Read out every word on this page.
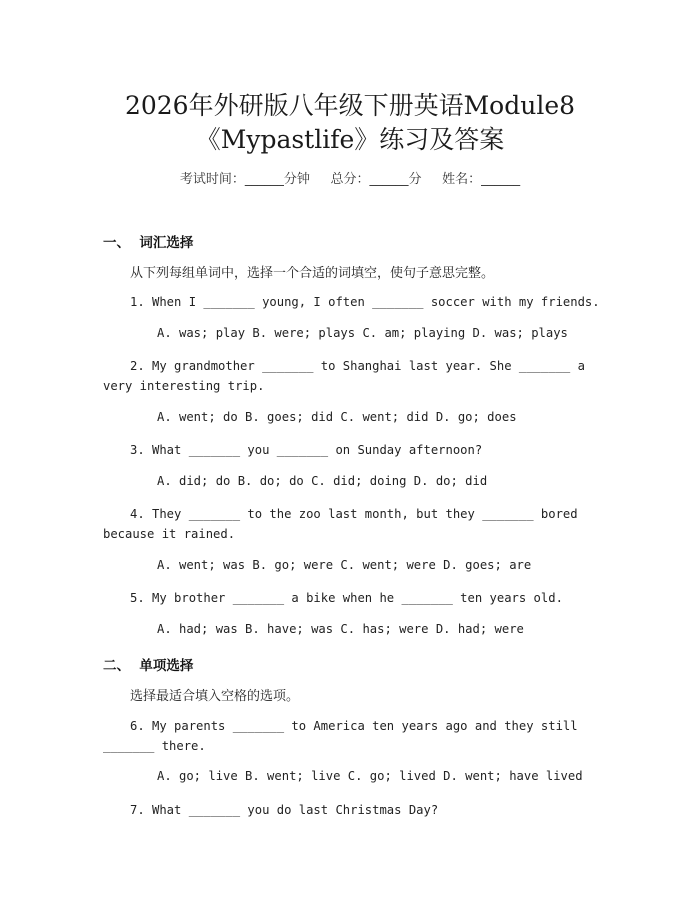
2026年外研版八年级下册英语Module8
《Mypastlife》练习及答案
考试时间：______分钟     总分：______分     姓名：______
一、  词汇选择
从下列每组单词中，选择一个合适的词填空，使句子意思完整。
1. When I _______ young, I often _______ soccer with my friends.
A. was; play B. were; plays C. am; playing D. was; plays
2. My grandmother _______ to Shanghai last year. She _______ a very interesting trip.
A. went; do B. goes; did C. went; did D. go; does
3. What _______ you _______ on Sunday afternoon?
A. did; do B. do; do C. did; doing D. do; did
4. They _______ to the zoo last month, but they _______ bored because it rained.
A. went; was B. go; were C. went; were D. goes; are
5. My brother _______ a bike when he _______ ten years old.
A. had; was B. have; was C. has; were D. had; were
二、  单项选择
选择最适合填入空格的选项。
6. My parents _______ to America ten years ago and they still _______ there.
A. go; live B. went; live C. go; lived D. went; have lived
7. What _______ you do last Christmas Day?
